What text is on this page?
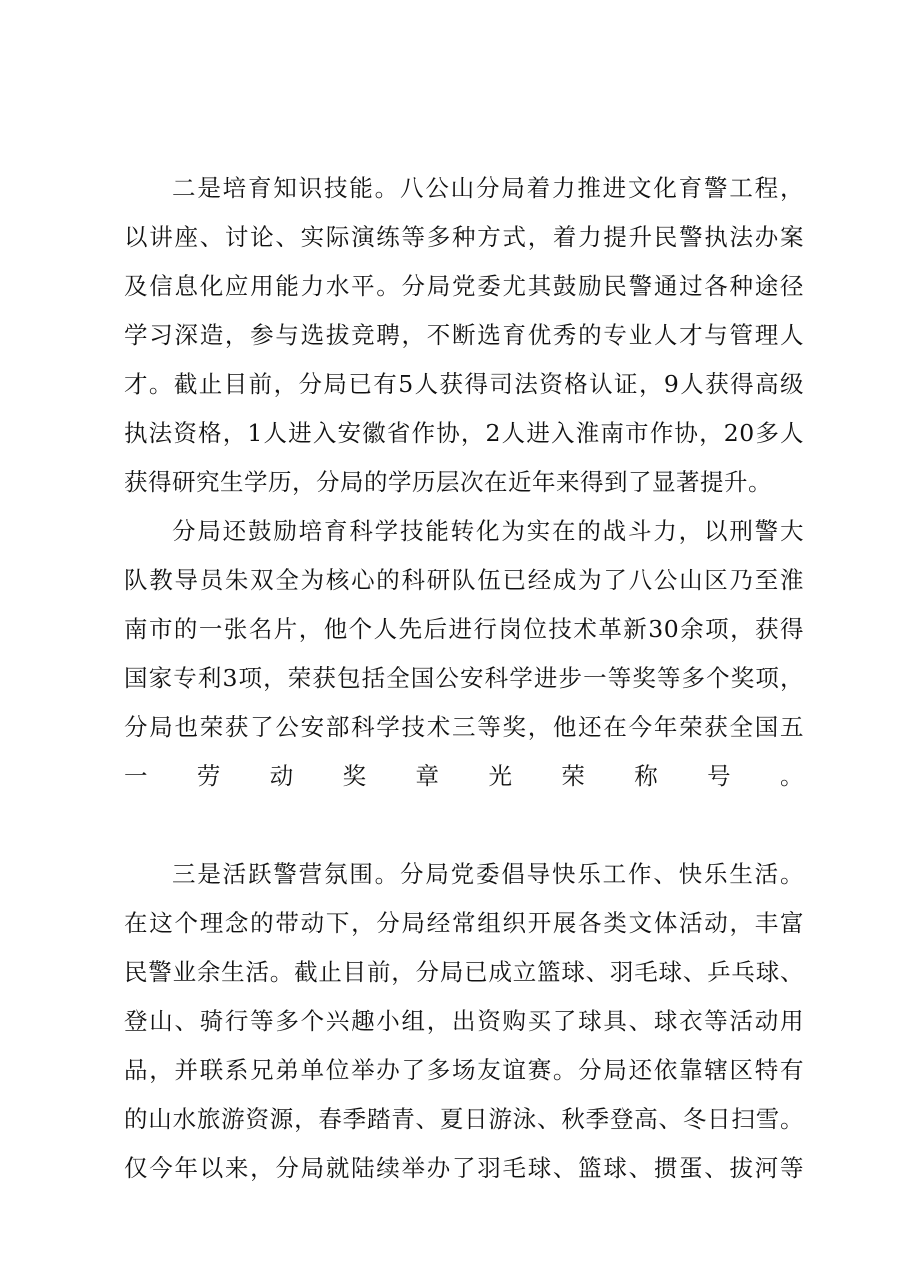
二是培育知识技能。八公山分局着力推进文化育警工程，
以讲座、讨论、实际演练等多种方式，着力提升民警执法办案
及信息化应用能力水平。分局党委尤其鼓励民警通过各种途径
学习深造，参与选拔竞聘，不断选育优秀的专业人才与管理人
才。截止目前，分局已有5人获得司法资格认证，9人获得高级
执法资格，1人进入安徽省作协，2人进入淮南市作协，20多人
获得研究生学历，分局的学历层次在近年来得到了显著提升。
分局还鼓励培育科学技能转化为实在的战斗力，以刑警大
队教导员朱双全为核心的科研队伍已经成为了八公山区乃至淮
南市的一张名片，他个人先后进行岗位技术革新30余项，获得
国家专利3项，荣获包括全国公安科学进步一等奖等多个奖项，
分局也荣获了公安部科学技术三等奖，他还在今年荣获全国五
一劳动奖章光荣称号。
三是活跃警营氛围。分局党委倡导快乐工作、快乐生活。
在这个理念的带动下，分局经常组织开展各类文体活动，丰富
民警业余生活。截止目前，分局已成立篮球、羽毛球、乒乓球、
登山、骑行等多个兴趣小组，出资购买了球具、球衣等活动用
品，并联系兄弟单位举办了多场友谊赛。分局还依靠辖区特有
的山水旅游资源，春季踏青、夏日游泳、秋季登高、冬日扫雪。
仅今年以来，分局就陆续举办了羽毛球、篮球、掼蛋、拔河等
